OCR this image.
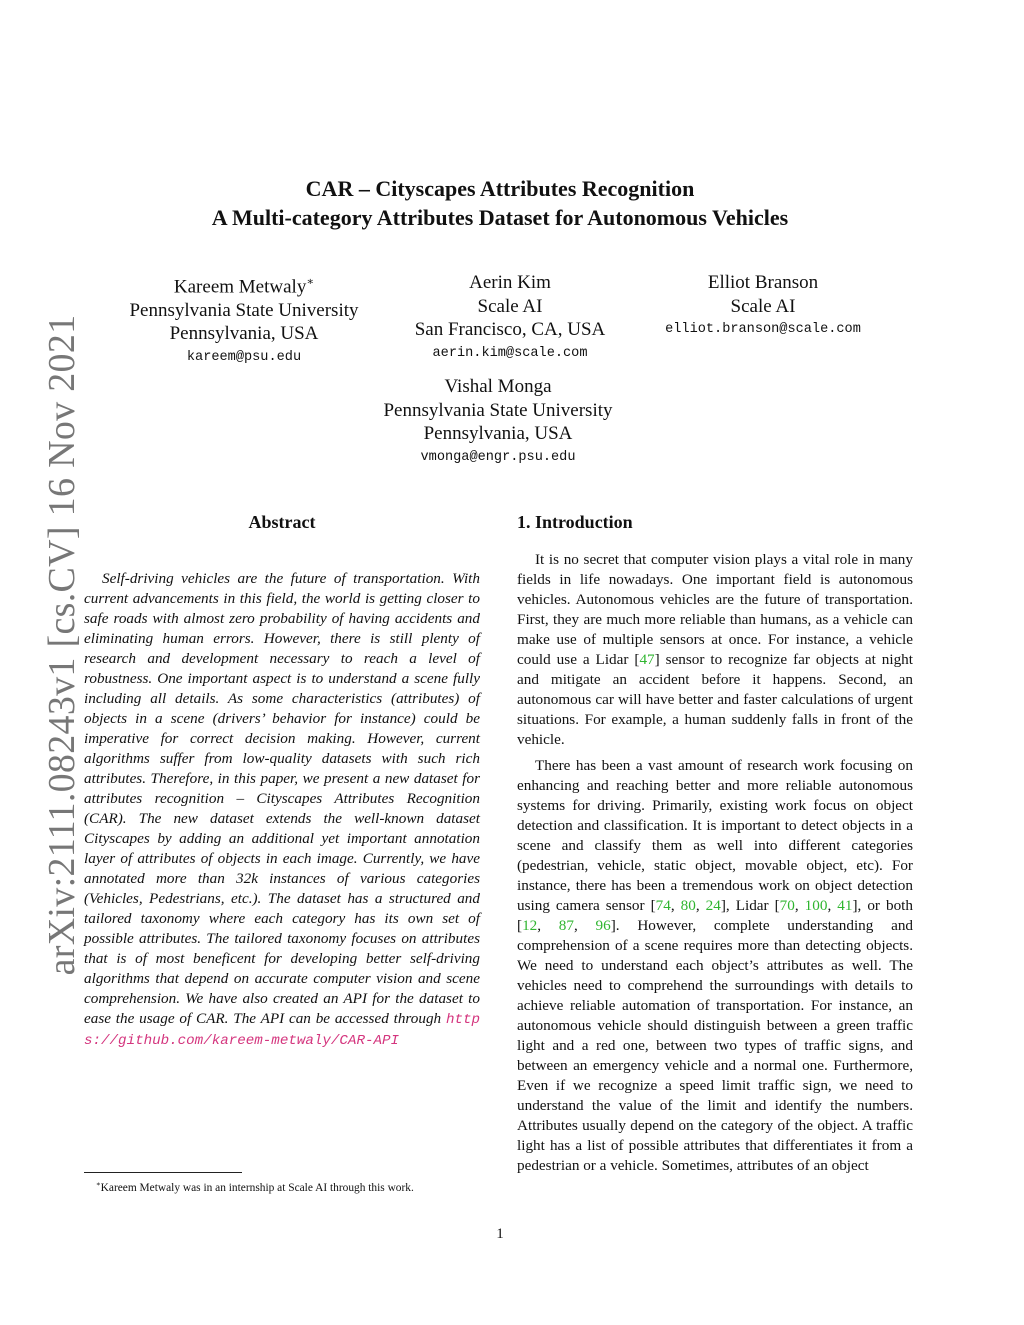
arXiv:2111.08243v1 [cs.CV] 16 Nov 2021
CAR – Cityscapes Attributes Recognition
A Multi-category Attributes Dataset for Autonomous Vehicles
Kareem Metwaly∗
Pennsylvania State University
Pennsylvania, USA
kareem@psu.edu
Aerin Kim
Scale AI
San Francisco, CA, USA
aerin.kim@scale.com
Elliot Branson
Scale AI
elliot.branson@scale.com
Vishal Monga
Pennsylvania State University
Pennsylvania, USA
vmonga@engr.psu.edu
Abstract	1. Introduction
Self-driving vehicles are the future of transportation. With current advancements in this field, the world is getting closer to safe roads with almost zero probability of having accidents and eliminating human errors. However, there is still plenty of research and development necessary to reach a level of robustness. One important aspect is to understand a scene fully including all details. As some characteristics (attributes) of objects in a scene (drivers’ behavior for instance) could be imperative for correct decision making. However, current algorithms suffer from low-quality datasets with such rich attributes. Therefore, in this paper, we present a new dataset for attributes recognition – Cityscapes Attributes Recognition (CAR). The new dataset extends the well-known dataset Cityscapes by adding an additional yet important annotation layer of attributes of objects in each image. Currently, we have annotated more than 32k instances of various categories (Vehicles, Pedestrians, etc.). The dataset has a structured and tailored taxonomy where each category has its own set of possible attributes. The tailored taxonomy focuses on attributes that is of most beneficent for developing better self-driving algorithms that depend on accurate computer vision and scene comprehension. We have also created an API for the dataset to ease the usage of CAR. The API can be accessed through https://github.com/kareem-metwaly/CAR-API

It is no secret that computer vision plays a vital role in many fields in life nowadays. One important field is autonomous vehicles. Autonomous vehicles are the future of transportation. First, they are much more reliable than humans, as a vehicle can make use of multiple sensors at once. For instance, a vehicle could use a Lidar [47] sensor to recognize far objects at night and mitigate an accident before it happens. Second, an autonomous car will have better and faster calculations of urgent situations. For example, a human suddenly falls in front of the vehicle.

There has been a vast amount of research work focusing on enhancing and reaching better and more reliable autonomous systems for driving. Primarily, existing work focus on object detection and classification. It is important to detect objects in a scene and classify them as well into different categories (pedestrian, vehicle, static object, movable object, etc). For instance, there has been a tremendous work on object detection using camera sensor [74, 80, 24], Lidar [70, 100, 41], or both [12, 87, 96]. However, complete understanding and comprehension of a scene requires more than detecting objects. We need to understand each object’s attributes as well. The vehicles need to comprehend the surroundings with details to achieve reliable automation of transportation. For instance, an autonomous vehicle should distinguish between a green traffic light and a red one, between two types of traffic signs, and between an emergency vehicle and a normal one. Furthermore, Even if we recognize a speed limit traffic sign, we need to understand the value of the limit and identify the numbers. Attributes usually depend on the category of the object. A traffic light has a list of possible attributes that differentiates it from a pedestrian or a vehicle. Sometimes, attributes of an object

∗Kareem Metwaly was in an internship at Scale AI through this work.
1
